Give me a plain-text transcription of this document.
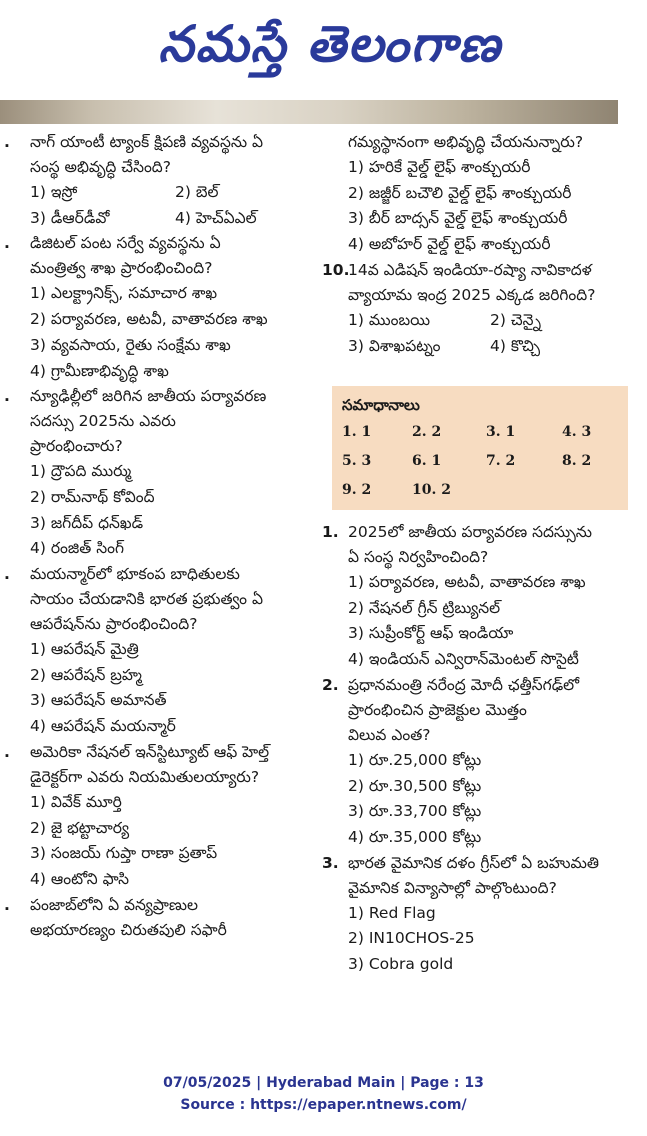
నమస్తే తెలంగాణ
. నాగ్ యాంటీ ట్యాంక్ క్షిపణి వ్యవస్థను ఏ
సంస్థ అభివృద్ధి చేసింది?
1) ఇస్రో	2) బెల్
3) డీఆర్‌డీవో	4) హెచ్‌ఏఎల్
. డిజిటల్ పంట సర్వే వ్యవస్థను ఏ
మంత్రిత్వ శాఖ ప్రారంభించింది?
1) ఎలక్ట్రానిక్స్, సమాచార శాఖ
2) పర్యావరణ, అటవీ, వాతావరణ శాఖ
3) వ్యవసాయ, రైతు సంక్షేమ శాఖ
4) గ్రామీణాభివృద్ధి శాఖ
. న్యూఢిల్లీలో జరిగిన జాతీయ పర్యావరణ
సదస్సు 2025ను ఎవరు
ప్రారంభించారు?
1) ద్రౌపది ముర్ము
2) రామ్‌నాథ్ కోవింద్
3) జగ్‌దీప్ ధన్‌ఖడ్
4) రంజిత్ సింగ్
. మయన్మార్‌లో భూకంప బాధితులకు
సాయం చేయడానికి భారత ప్రభుత్వం ఏ
ఆపరేషన్‌ను ప్రారంభించింది?
1) ఆపరేషన్ మైత్రి
2) ఆపరేషన్ బ్రహ్మ
3) ఆపరేషన్ అమానత్
4) ఆపరేషన్ మయన్మార్
. అమెరికా నేషనల్ ఇన్‌స్టిట్యూట్ ఆఫ్ హెల్త్
డైరెక్టర్‌గా ఎవరు నియమితులయ్యారు?
1) వివేక్ మూర్తి
2) జై భట్టాచార్య
3) సంజయ్ గుప్తా రాణా ప్రతాప్
4) ఆంటోని ఫాసి
. పంజాబ్‌లోని ఏ వన్యప్రాణుల
అభయారణ్యం చిరుతపులి సఫారీ
గమ్యస్థానంగా అభివృద్ధి చేయనున్నారు?
1) హరికే వైల్డ్ లైఫ్ శాంక్చుయరీ
2) జజ్జీర్ బచౌలి వైల్డ్ లైఫ్ శాంక్చుయరీ
3) బీర్ బాద్సన్ వైల్డ్ లైఫ్ శాంక్చుయరీ
4) అబోహర్ వైల్డ్ లైఫ్ శాంక్చుయరీ
10.
14వ ఎడిషన్ ఇండియా-రష్యా నావికాదళ
వ్యాయామ ఇంద్ర 2025 ఎక్కడ జరిగింది?
1) ముంబయి	2) చెన్నై
3) విశాఖపట్నం	4) కొచ్చి
సమాధానాలు
1. 1	2. 2	3. 1	4. 3
5. 3	6. 1	7. 2	8. 2
9. 2	10. 2
1. 2025లో జాతీయ పర్యావరణ సదస్సును
ఏ సంస్థ నిర్వహించింది?
1) పర్యావరణ, అటవీ, వాతావరణ శాఖ
2) నేషనల్ గ్రీన్ ట్రిబ్యునల్
3) సుప్రీంకోర్ట్ ఆఫ్ ఇండియా
4) ఇండియన్ ఎన్విరాన్‌మెంటల్ సొసైటీ
2. ప్రధానమంత్రి నరేంద్ర మోదీ ఛత్తీస్‌గఢ్‌లో
ప్రారంభించిన ప్రాజెక్టుల మొత్తం
విలువ ఎంత?
1) రూ.25,000 కోట్లు
2) రూ.30,500 కోట్లు
3) రూ.33,700 కోట్లు
4) రూ.35,000 కోట్లు
3. భారత వైమానిక దళం గ్రీస్‌లో ఏ బహుమతి
వైమానిక విన్యాసాల్లో పాల్గొంటుంది?
1) Red Flag
2) IN10CHOS-25
3) Cobra gold
07/05/2025 | Hyderabad Main | Page : 13
Source : https://epaper.ntnews.com/
